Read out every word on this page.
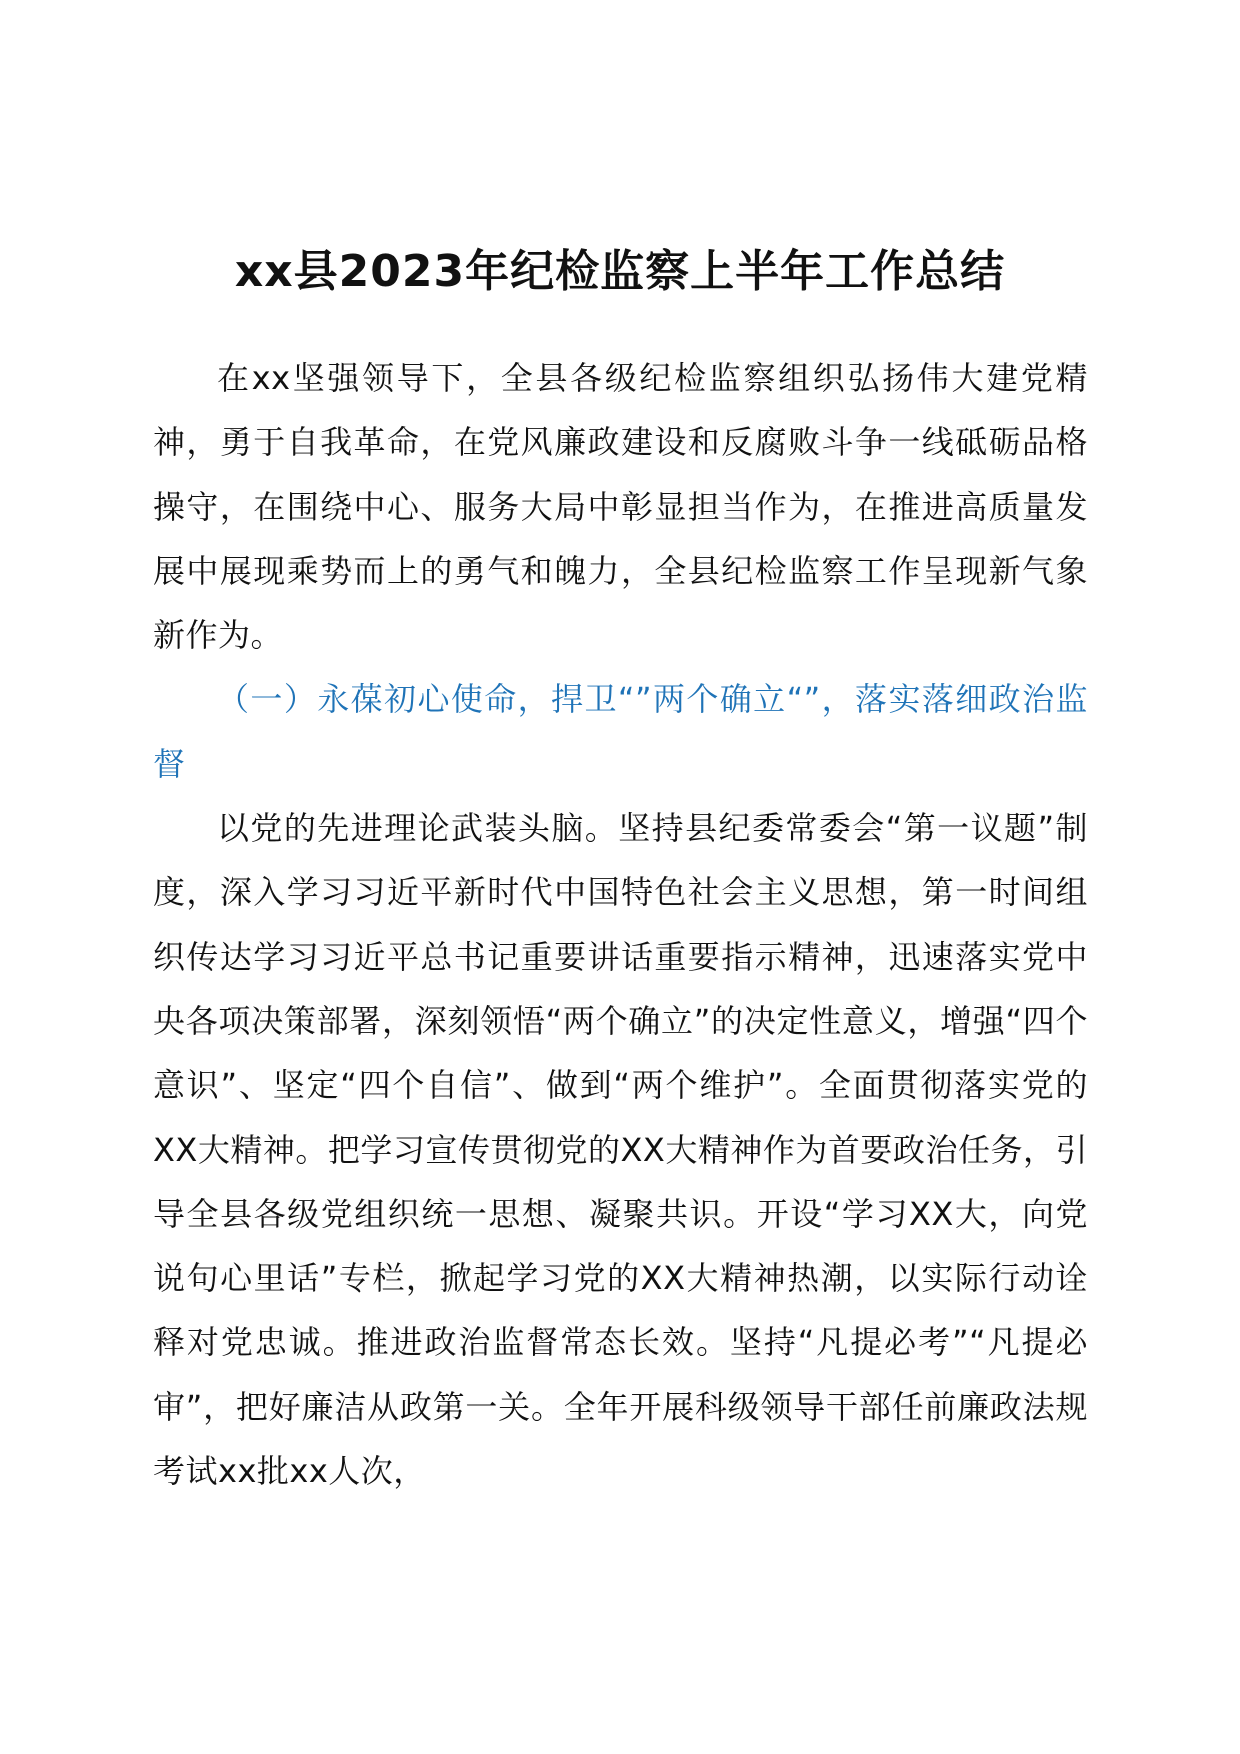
xx县2023年纪检监察上半年工作总结

在xx坚强领导下，全县各级纪检监察组织弘扬伟大建党精神，勇于自我革命，在党风廉政建设和反腐败斗争一线砥砺品格操守，在围绕中心、服务大局中彰显担当作为，在推进高质量发展中展现乘势而上的勇气和魄力，全县纪检监察工作呈现新气象新作为。

（一）永葆初心使命，捍卫“”两个确立“”，落实落细政治监督

以党的先进理论武装头脑。坚持县纪委常委会“第一议题”制度，深入学习习近平新时代中国特色社会主义思想，第一时间组织传达学习习近平总书记重要讲话重要指示精神，迅速落实党中央各项决策部署，深刻领悟“两个确立”的决定性意义，增强“四个意识”、坚定“四个自信”、做到“两个维护”。全面贯彻落实党的XX大精神。把学习宣传贯彻党的XX大精神作为首要政治任务，引导全县各级党组织统一思想、凝聚共识。开设“学习XX大，向党说句心里话”专栏，掀起学习党的XX大精神热潮，以实际行动诠释对党忠诚。推进政治监督常态长效。坚持“凡提必考”“凡提必审”，把好廉洁从政第一关。全年开展科级领导干部任前廉政法规考试xx批xx人次，
